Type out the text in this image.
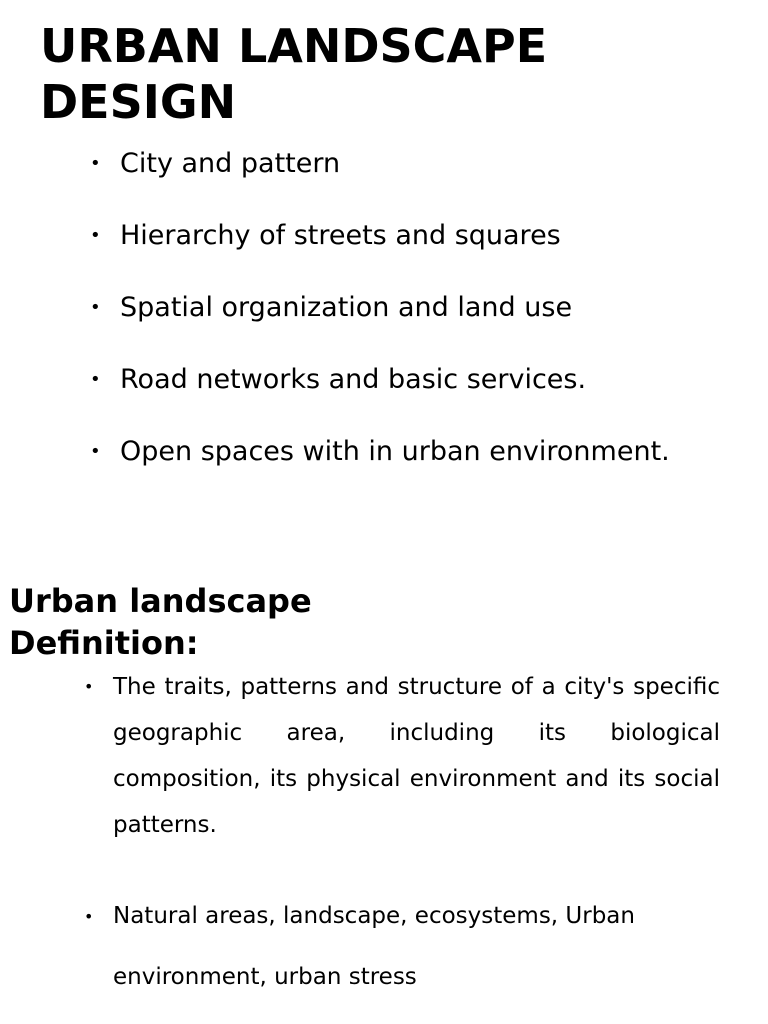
URBAN LANDSCAPE DESIGN
• City and pattern
• Hierarchy of streets and squares
• Spatial organization and land use
• Road networks and basic services.
• Open spaces with in urban environment.
Urban landscape Definition:
• The traits, patterns and structure of a city's specific geographic area, including its biological composition, its physical environment and its social patterns.
• Natural areas, landscape, ecosystems, Urban environment, urban stress
